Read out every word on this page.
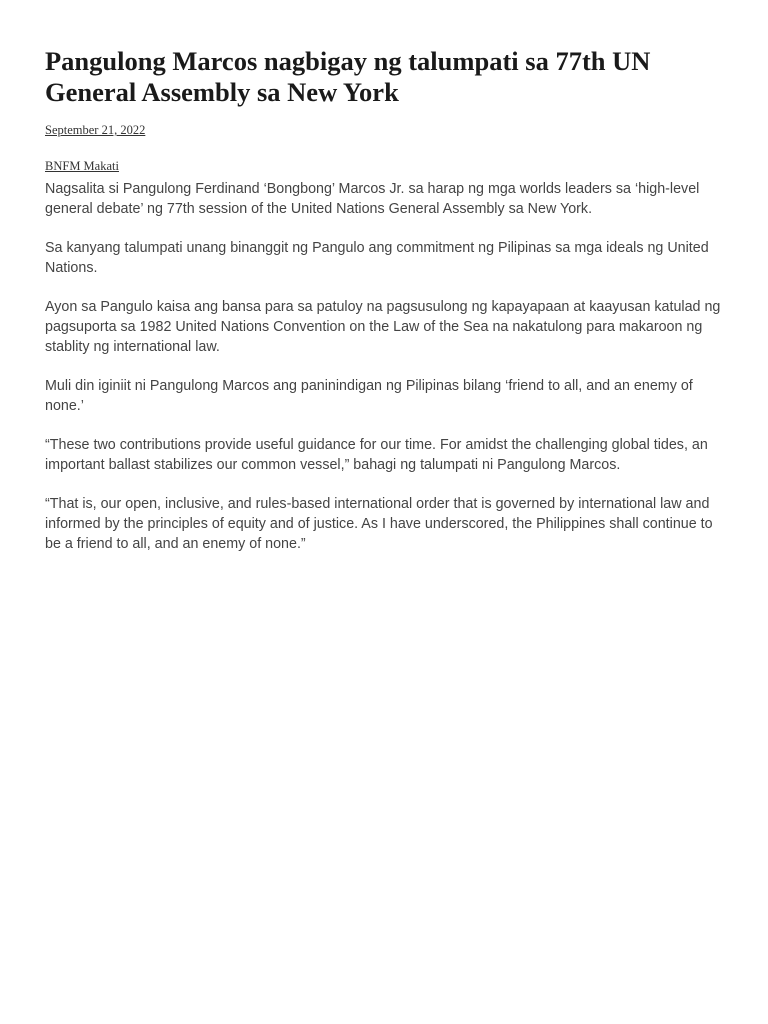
Pangulong Marcos nagbigay ng talumpati sa 77th UN General Assembly sa New York
September 21, 2022
BNFM Makati

Nagsalita si Pangulong Ferdinand ‘Bongbong’ Marcos Jr. sa harap ng mga worlds leaders sa ‘high-level general debate’ ng 77th session of the United Nations General Assembly sa New York.

Sa kanyang talumpati unang binanggit ng Pangulo ang commitment ng Pilipinas sa mga ideals ng United Nations.

Ayon sa Pangulo kaisa ang bansa para sa patuloy na pagsusulong ng kapayapaan at kaayusan katulad ng pagsuporta sa 1982 United Nations Convention on the Law of the Sea na nakatulong para makaroon ng stablity ng international law.

Muli din iginiit ni Pangulong Marcos ang paninindigan ng Pilipinas bilang ‘friend to all, and an enemy of none.’

“These two contributions provide useful guidance for our time. For amidst the challenging global tides, an important ballast stabilizes our common vessel,” bahagi ng talumpati ni Pangulong Marcos.

“That is, our open, inclusive, and rules-based international order that is governed by international law and informed by the principles of equity and of justice. As I have underscored, the Philippines shall continue to be a friend to all, and an enemy of none.”
